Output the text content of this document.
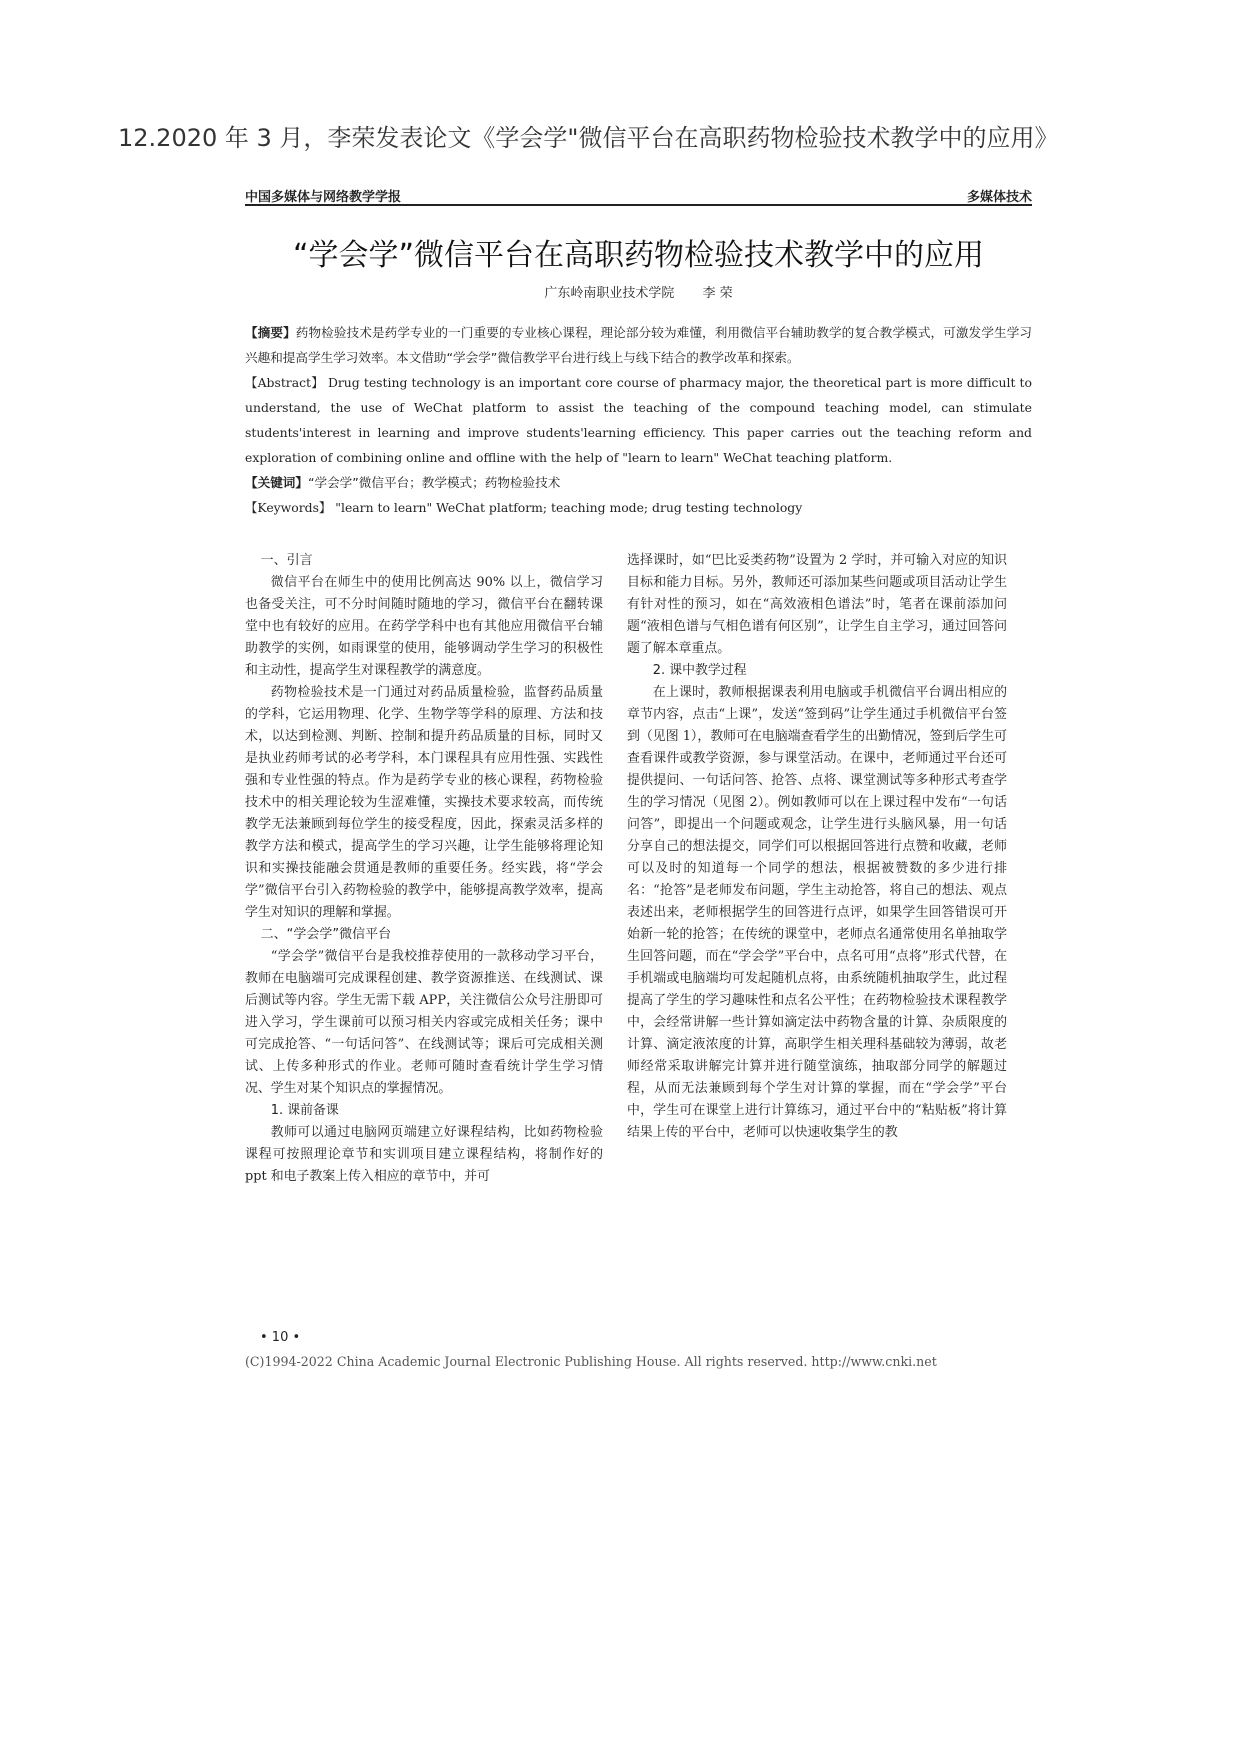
12.2020 年 3 月，李荣发表论文《学会学"微信平台在高职药物检验技术教学中的应用》
中国多媒体与网络教学学报	多媒体技术
“学会学”微信平台在高职药物检验技术教学中的应用
广东岭南职业技术学院 李 荣

【摘要】药物检验技术是药学专业的一门重要的专业核心课程，理论部分较为难懂，利用微信平台辅助教学的复合教学模式，可激发学生学习兴趣和提高学生学习效率。本文借助“学会学”微信教学平台进行线上与线下结合的教学改革和探索。

【Abstract】 Drug testing technology is an important core course of pharmacy major, the theoretical part is more difficult to understand, the use of WeChat platform to assist the teaching of the compound teaching model, can stimulate students'interest in learning and improve students'learning efficiency. This paper carries out the teaching reform and exploration of combining online and offline with the help of "learn to learn" WeChat teaching platform.

【关键词】“学会学”微信平台；教学模式；药物检验技术

【Keywords】 "learn to learn" WeChat platform; teaching mode; drug testing technology

一、引言

微信平台在师生中的使用比例高达 90% 以上，微信学习也备受关注，可不分时间随时随地的学习，微信平台在翻转课堂中也有较好的应用。在药学学科中也有其他应用微信平台辅助教学的实例，如雨课堂的使用，能够调动学生学习的积极性和主动性，提高学生对课程教学的满意度。

药物检验技术是一门通过对药品质量检验，监督药品质量的学科，它运用物理、化学、生物学等学科的原理、方法和技术，以达到检测、判断、控制和提升药品质量的目标，同时又是执业药师考试的必考学科，本门课程具有应用性强、实践性强和专业性强的特点。作为是药学专业的核心课程，药物检验技术中的相关理论较为生涩难懂，实操技术要求较高，而传统教学无法兼顾到每位学生的接受程度，因此，探索灵活多样的教学方法和模式，提高学生的学习兴趣，让学生能够将理论知识和实操技能融会贯通是教师的重要任务。经实践，将“学会学”微信平台引入药物检验的教学中，能够提高教学效率，提高学生对知识的理解和掌握。

二、“学会学”微信平台

“学会学”微信平台是我校推荐使用的一款移动学习平台，教师在电脑端可完成课程创建、教学资源推送、在线测试、课后测试等内容。学生无需下载 APP，关注微信公众号注册即可进入学习，学生课前可以预习相关内容或完成相关任务；课中可完成抢答、“一句话问答”、在线测试等；课后可完成相关测试、上传多种形式的作业。老师可随时查看统计学生学习情况、学生对某个知识点的掌握情况。

1. 课前备课

教师可以通过电脑网页端建立好课程结构，比如药物检验课程可按照理论章节和实训项目建立课程结构，将制作好的 ppt 和电子教案上传入相应的章节中，并可

选择课时，如“巴比妥类药物”设置为 2 学时，并可输入对应的知识目标和能力目标。另外，教师还可添加某些问题或项目活动让学生有针对性的预习，如在“高效液相色谱法”时，笔者在课前添加问题“液相色谱与气相色谱有何区别”，让学生自主学习，通过回答问题了解本章重点。

2. 课中教学过程

在上课时，教师根据课表利用电脑或手机微信平台调出相应的章节内容，点击“上课”，发送“签到码”让学生通过手机微信平台签到（见图 1），教师可在电脑端查看学生的出勤情况，签到后学生可查看课件或教学资源，参与课堂活动。在课中，老师通过平台还可提供提问、一句话问答、抢答、点将、课堂测试等多种形式考查学生的学习情况（见图 2）。例如教师可以在上课过程中发布“一句话问答”，即提出一个问题或观念，让学生进行头脑风暴，用一句话分享自己的想法提交，同学们可以根据回答进行点赞和收藏，老师可以及时的知道每一个同学的想法，根据被赞数的多少进行排名：“抢答”是老师发布问题，学生主动抢答，将自己的想法、观点表述出来，老师根据学生的回答进行点评，如果学生回答错误可开始新一轮的抢答；在传统的课堂中，老师点名通常使用名单抽取学生回答问题，而在“学会学”平台中，点名可用“点将”形式代替，在手机端或电脑端均可发起随机点将，由系统随机抽取学生，此过程提高了学生的学习趣味性和点名公平性；在药物检验技术课程教学中，会经常讲解一些计算如滴定法中药物含量的计算、杂质限度的计算、滴定液浓度的计算，高职学生相关理科基础较为薄弱，故老师经常采取讲解完计算并进行随堂演练，抽取部分同学的解题过程，从而无法兼顾到每个学生对计算的掌握，而在“学会学”平台中，学生可在课堂上进行计算练习，通过平台中的“粘贴板”将计算结果上传的平台中，老师可以快速收集学生的教

• 10 •
(C)1994-2022 China Academic Journal Electronic Publishing House. All rights reserved. http://www.cnki.net
